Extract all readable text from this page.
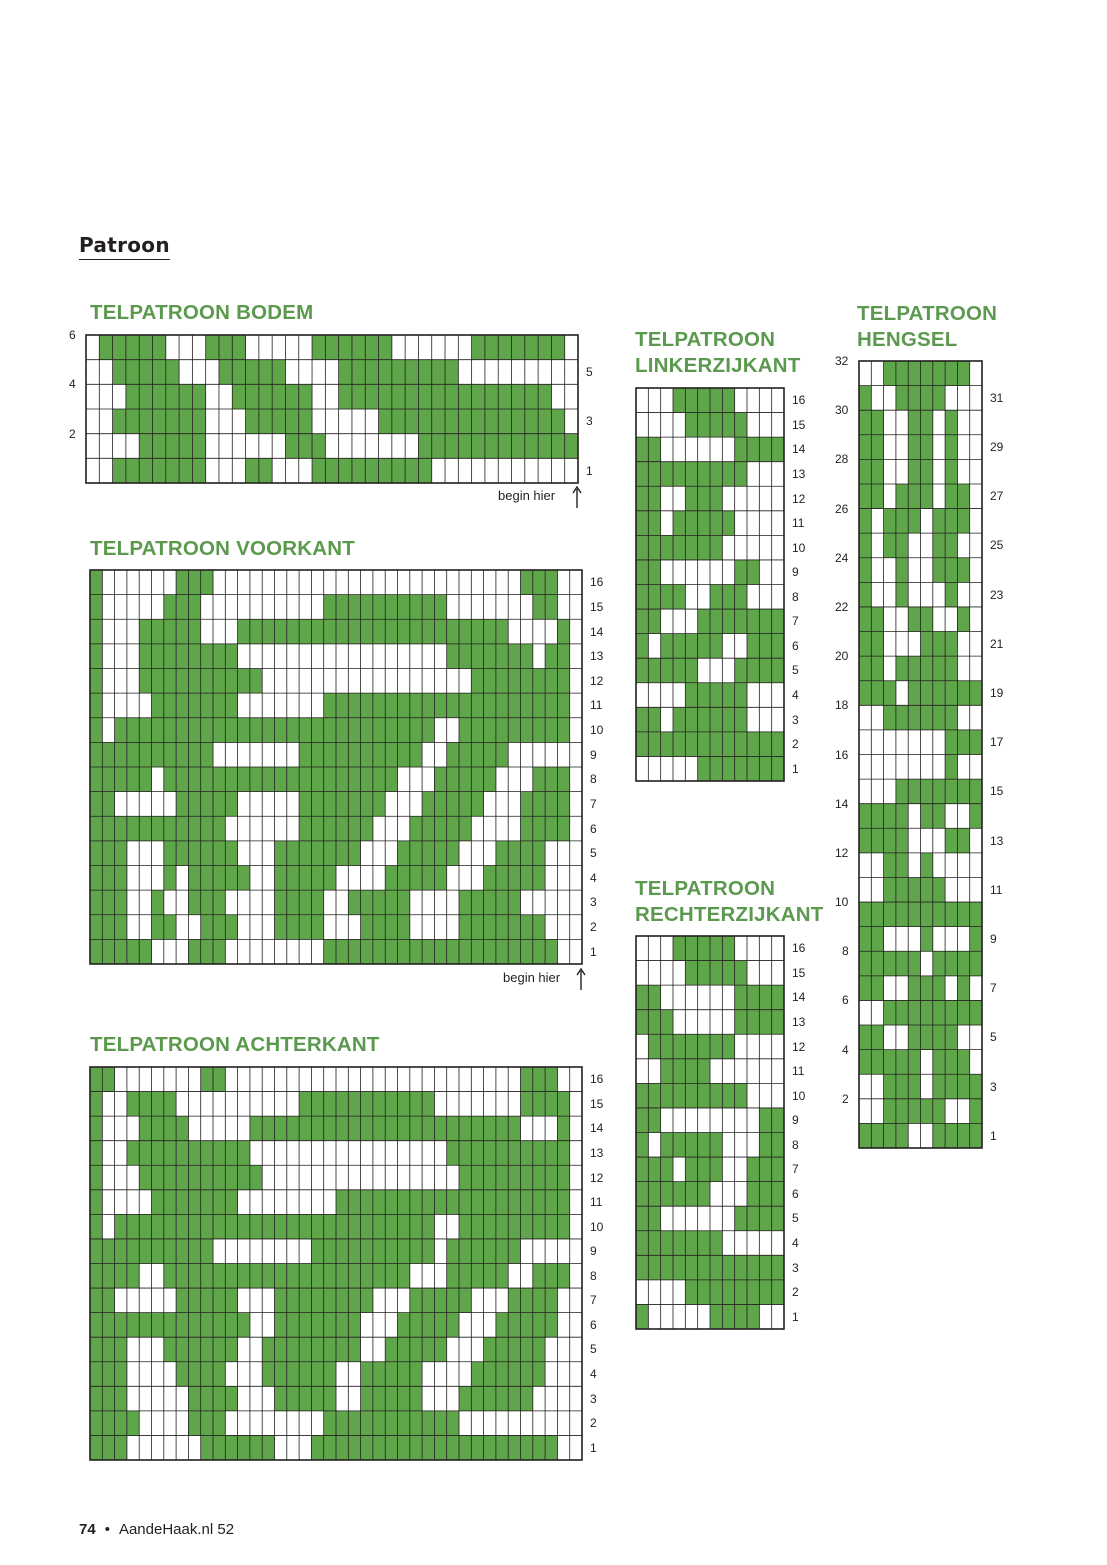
Patroon
TELPATROON BODEM
begin hier
TELPATROON VOORKANT
begin hier
TELPATROON ACHTERKANT
TELPATROON
LINKERZIJKANT
TELPATROON
RECHTERZIJKANT
TELPATROON
HENGSEL
74 • AandeHaak.nl 52
1
2
3
4
5
6
1
2
3
4
5
6
7
8
9
10
11
12
13
14
15
16
1
2
3
4
5
6
7
8
9
10
11
12
13
14
15
16
1
2
3
4
5
6
7
8
9
10
11
12
13
14
15
16
1
2
3
4
5
6
7
8
9
10
11
12
13
14
15
16
1
2
3
4
5
6
7
8
9
10
11
12
13
14
15
16
17
18
19
20
21
22
23
24
25
26
27
28
29
30
31
32
